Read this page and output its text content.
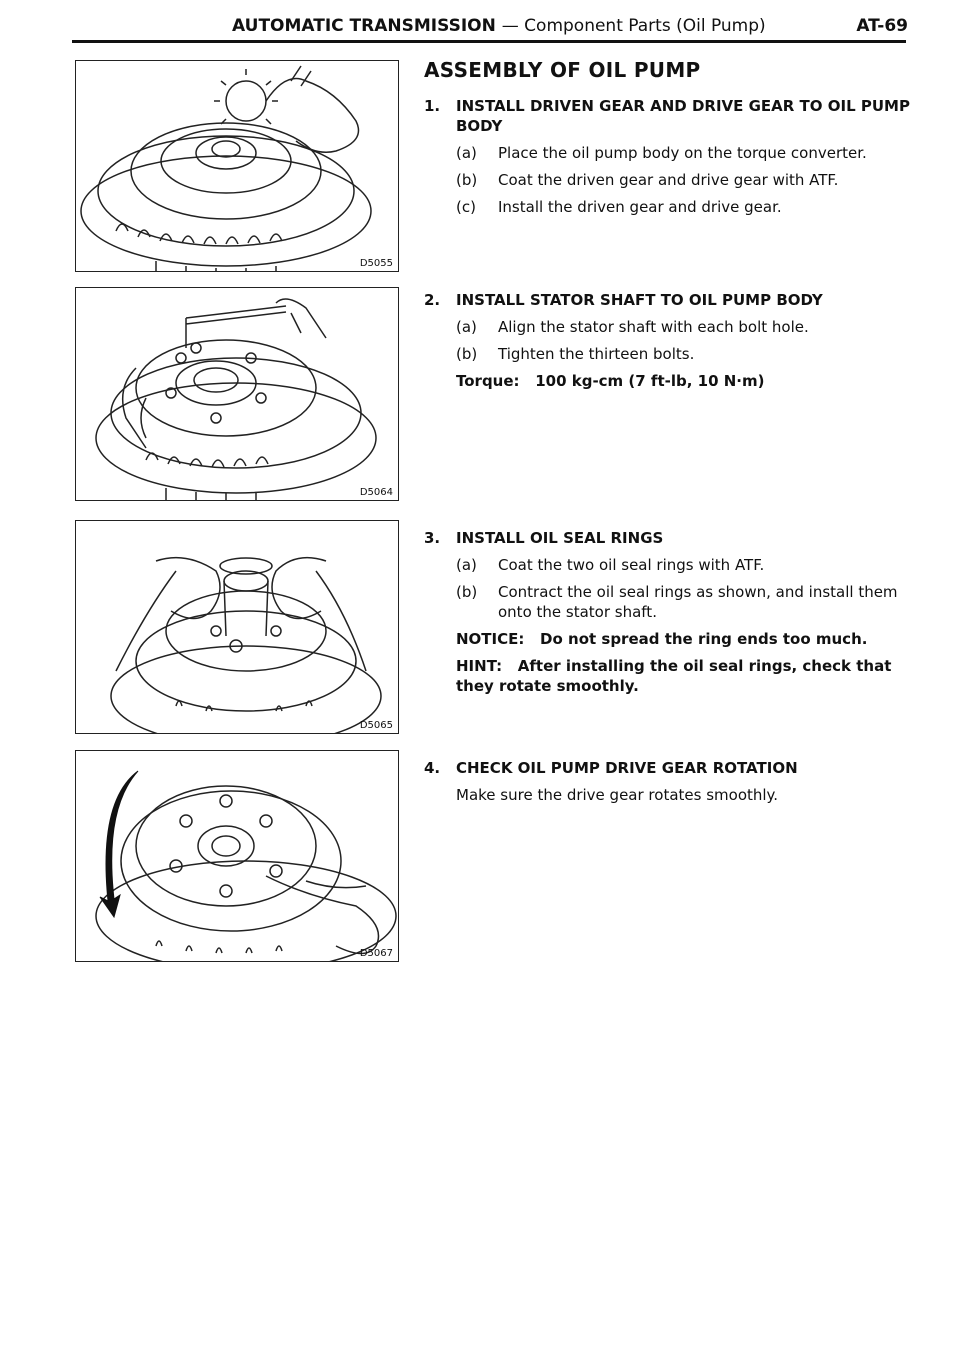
AUTOMATIC TRANSMISSION — Component Parts (Oil Pump)	AT-69
D5055
D5064
D5065
D5067
ASSEMBLY OF OIL PUMP
1. INSTALL DRIVEN GEAR AND DRIVE GEAR TO OIL PUMP BODY
(a) Place the oil pump body on the torque converter.
(b) Coat the driven gear and drive gear with ATF.
(c) Install the driven gear and drive gear.
2. INSTALL STATOR SHAFT TO OIL PUMP BODY
(a) Align the stator shaft with each bolt hole.
(b) Tighten the thirteen bolts.
Torque:   100 kg-cm (7 ft-lb, 10 N·m)
3. INSTALL OIL SEAL RINGS
(a) Coat the two oil seal rings with ATF.
(b) Contract the oil seal rings as shown, and install them onto the stator shaft.
NOTICE:   Do not spread the ring ends too much.
HINT:   After installing the oil seal rings, check that they rotate smoothly.
4. CHECK OIL PUMP DRIVE GEAR ROTATION
Make sure the drive gear rotates smoothly.
